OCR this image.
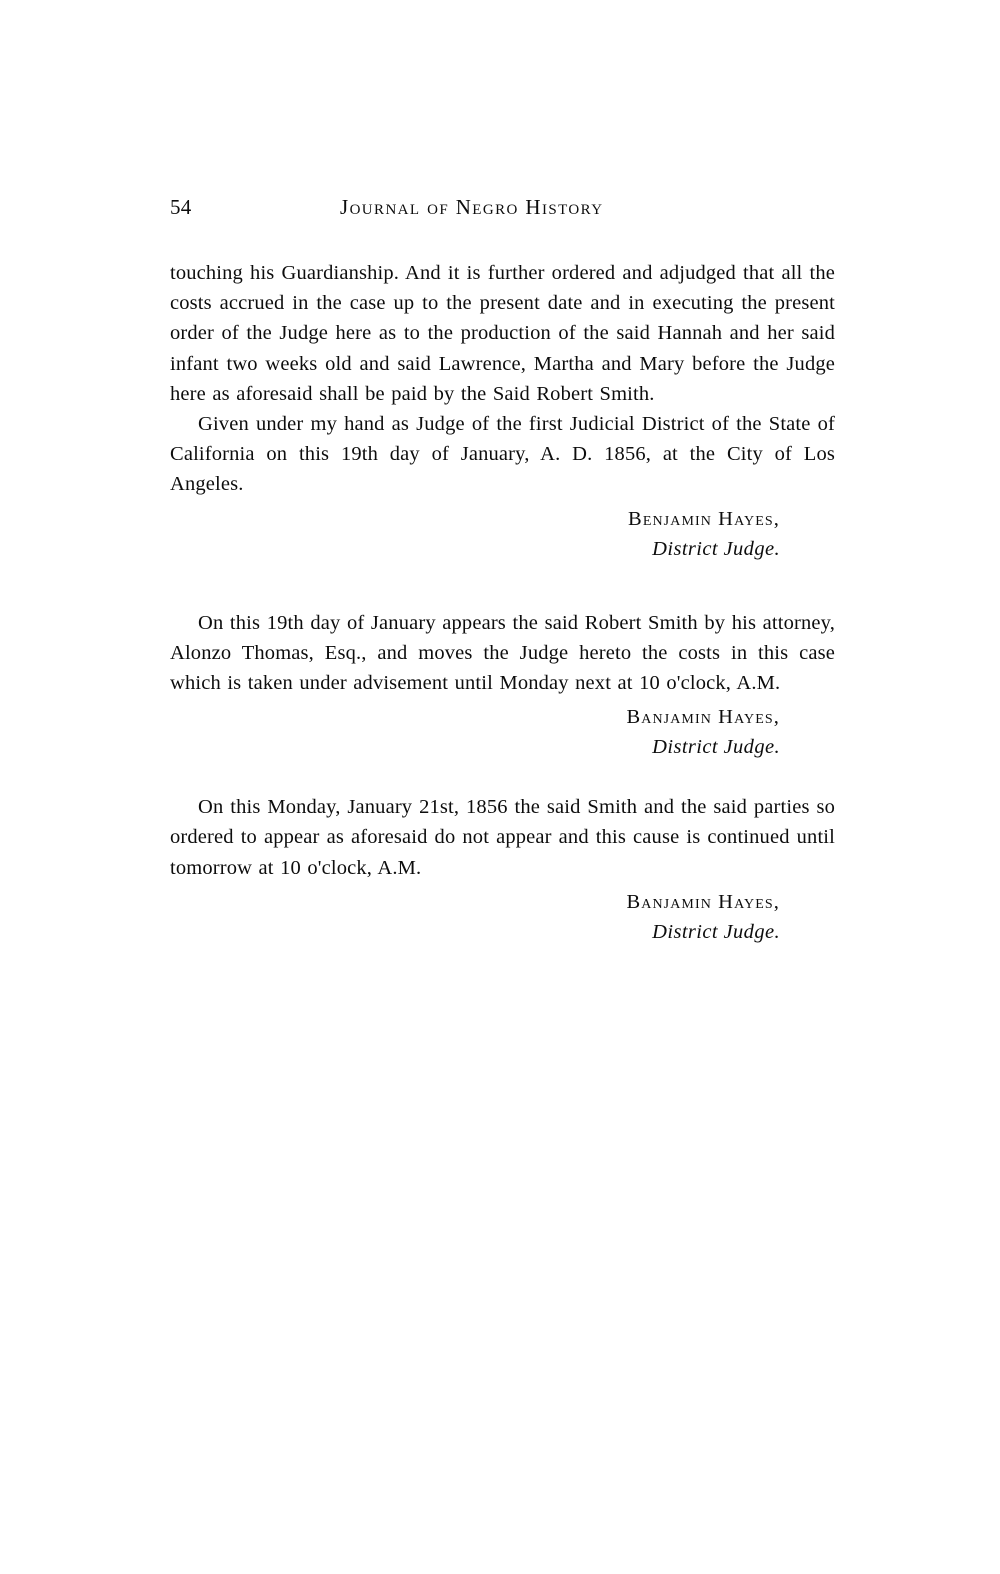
54	Journal of Negro History

touching his Guardianship. And it is further ordered and adjudged that all the costs accrued in the case up to the present date and in executing the present order of the Judge here as to the production of the said Hannah and her said infant two weeks old and said Lawrence, Martha and Mary before the Judge here as aforesaid shall be paid by the Said Robert Smith.

Given under my hand as Judge of the first Judicial District of the State of California on this 19th day of January, A. D. 1856, at the City of Los Angeles.

Benjamin Hayes,
District Judge.

On this 19th day of January appears the said Robert Smith by his attorney, Alonzo Thomas, Esq., and moves the Judge hereto the costs in this case which is taken under advisement until Monday next at 10 o'clock, A.M.

Banjamin Hayes,
District Judge.

On this Monday, January 21st, 1856 the said Smith and the said parties so ordered to appear as aforesaid do not appear and this cause is continued until tomorrow at 10 o'clock, A.M.

Banjamin Hayes,
District Judge.
